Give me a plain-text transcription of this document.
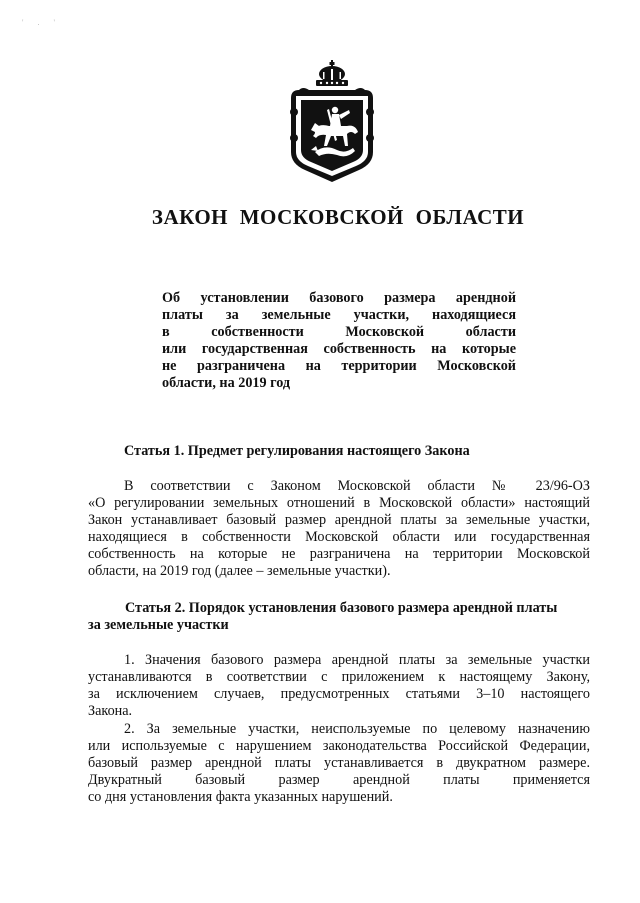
' . '
ЗАКОН МОСКОВСКОЙ ОБЛАСТИ
Об установлении базового размера арендной
платы за земельные участки, находящиеся
в собственности Московской области
или государственная собственность на которые
не разграничена на территории Московской
области, на 2019 год
Статья 1. Предмет регулирования настоящего Закона
В соответствии с Законом Московской области № 23/96-ОЗ
«О регулировании земельных отношений в Московской области» настоящий
Закон устанавливает базовый размер арендной платы за земельные участки,
находящиеся в собственности Московской области или государственная
собственность на которые не разграничена на территории Московской
области, на 2019 год (далее – земельные участки).
Статья 2. Порядок установления базового размера арендной платы
за земельные участки
1. Значения базового размера арендной платы за земельные участки
устанавливаются в соответствии с приложением к настоящему Закону,
за исключением случаев, предусмотренных статьями 3–10 настоящего
Закона.
2. За земельные участки, неиспользуемые по целевому назначению
или используемые с нарушением законодательства Российской Федерации,
базовый размер арендной платы устанавливается в двукратном размере.
Двукратный базовый размер арендной платы применяется
со дня установления факта указанных нарушений.
